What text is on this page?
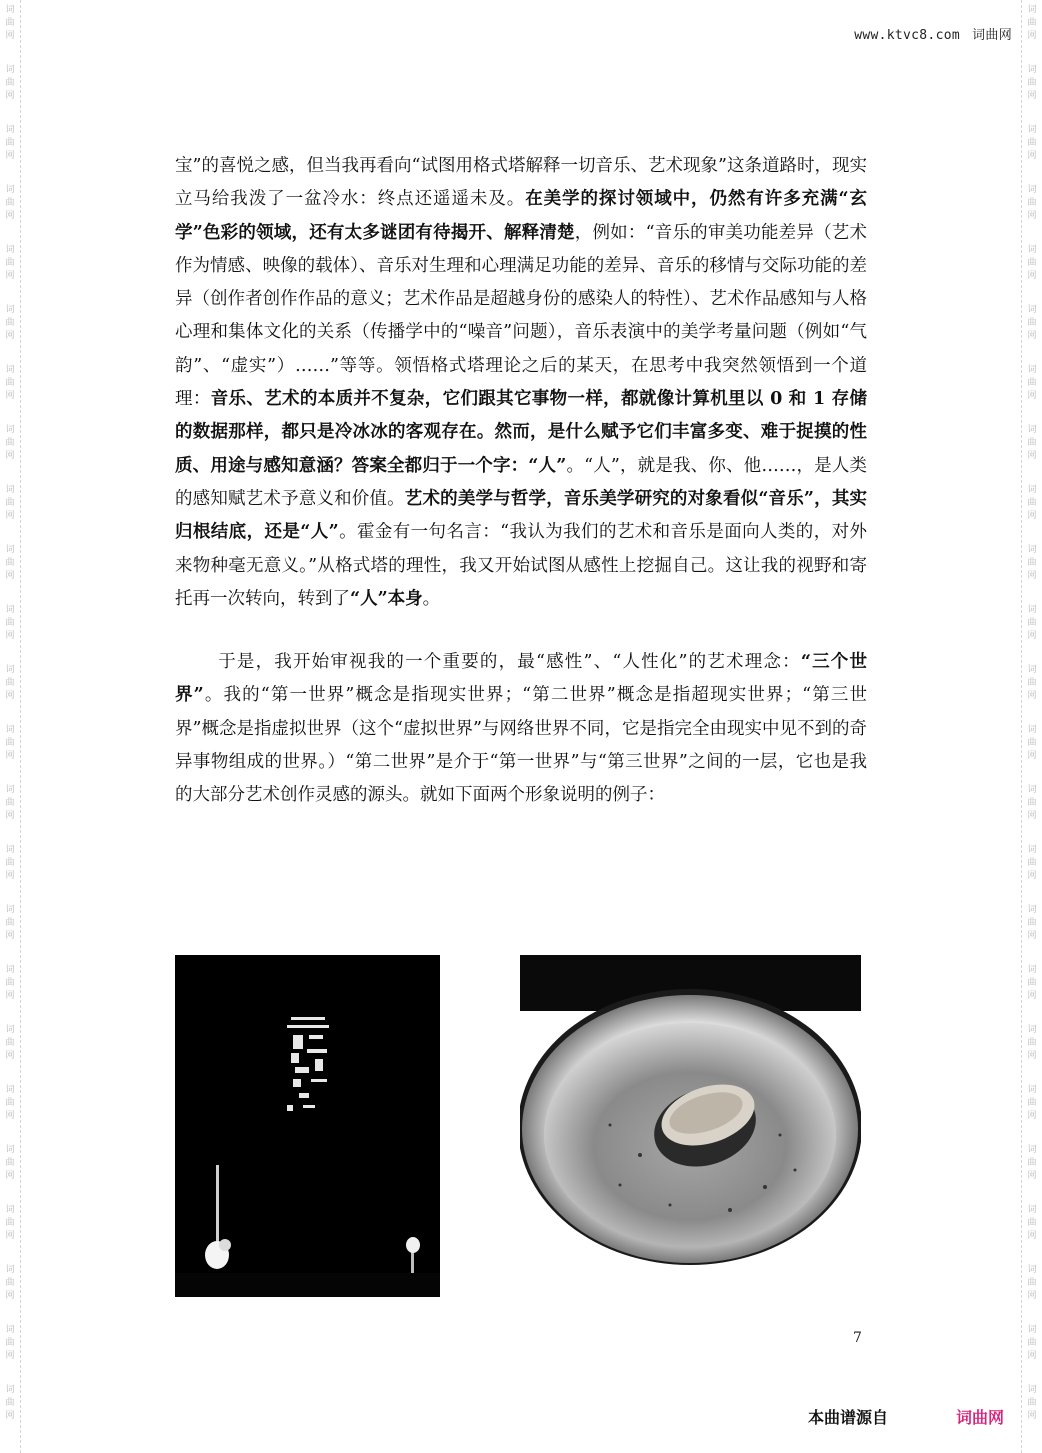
词
曲
网
词
曲
网
词
曲
网
词
曲
网
词
曲
网
词
曲
网
词
曲
网
词
曲
网
词
曲
网
词
曲
网
词
曲
网
词
曲
网
词
曲
网
词
曲
网
词
曲
网
词
曲
网
词
曲
网
词
曲
网
词
曲
网
词
曲
网
词
曲
网
词
曲
网
词
曲
网
词
曲
网
词
曲
网
词
曲
网
词
曲
网
词
曲
网
词
曲
网
词
曲
网
词
曲
网
词
曲
网
词
曲
网
词
曲
网
词
曲
网
词
曲
网
词
曲
网
词
曲
网
词
曲
网
词
曲
网
词
曲
网
词
曲
网
词
曲
网
词
曲
网
词
曲
网
词
曲
网
词
曲
网
词
曲
网
www.ktvc8.com 词曲网

宝”的喜悦之感，但当我再看向“试图用格式塔解释一切音乐、艺术现象”这条道路时，现实立马给我泼了一盆冷水：终点还遥遥未及。在美学的探讨领域中，仍然有许多充满“玄学”色彩的领域，还有太多谜团有待揭开、解释清楚，例如：“音乐的审美功能差异（艺术作为情感、映像的载体）、音乐对生理和心理满足功能的差异、音乐的移情与交际功能的差异（创作者创作作品的意义；艺术作品是超越身份的感染人的特性）、艺术作品感知与人格心理和集体文化的关系（传播学中的“噪音”问题），音乐表演中的美学考量问题（例如“气韵”、“虚实”）……”等等。领悟格式塔理论之后的某天，在思考中我突然领悟到一个道理：音乐、艺术的本质并不复杂，它们跟其它事物一样，都就像计算机里以 0 和 1 存储的数据那样，都只是冷冰冰的客观存在。然而，是什么赋予它们丰富多变、难于捉摸的性质、用途与感知意涵？答案全都归于一个字：“人”。“人”，就是我、你、他……，是人类的感知赋艺术予意义和价值。艺术的美学与哲学，音乐美学研究的对象看似“音乐”，其实归根结底，还是“人”。霍金有一句名言：“我认为我们的艺术和音乐是面向人类的，对外来物种毫无意义。”从格式塔的理性，我又开始试图从感性上挖掘自己。这让我的视野和寄托再一次转向，转到了“人”本身。

于是，我开始审视我的一个重要的，最“感性”、“人性化”的艺术理念：“三个世界”。我的“第一世界”概念是指现实世界；“第二世界”概念是指超现实世界；“第三世界”概念是指虚拟世界（这个“虚拟世界”与网络世界不同，它是指完全由现实中见不到的奇异事物组成的世界。）“第二世界”是介于“第一世界”与“第三世界”之间的一层，它也是我的大部分艺术创作灵感的源头。就如下面两个形象说明的例子：

7
本曲谱源自	词曲网
